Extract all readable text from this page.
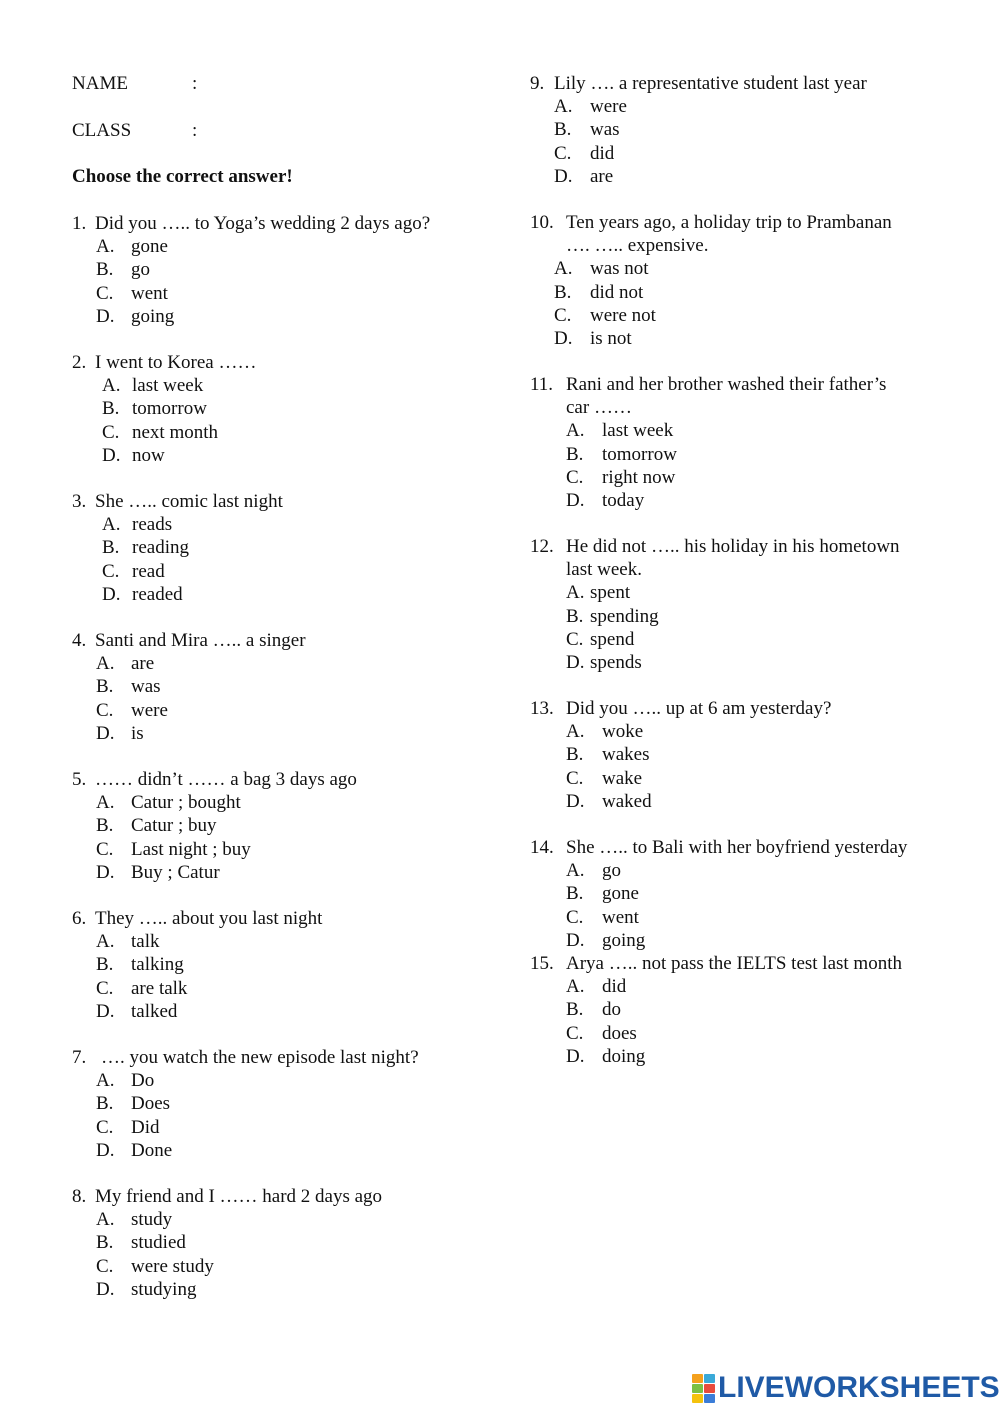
NAME	:
CLASS	:
Choose the correct answer!
1. Did you ….. to Yoga’s wedding 2 days ago?
A. gone
B. go
C. went
D. going
2. I went to Korea ……
A. last week
B. tomorrow
C. next month
D. now
3. She ….. comic last night
A. reads
B. reading
C. read
D. readed
4. Santi and Mira ….. a singer
A. are
B. was
C. were
D. is
5. …… didn’t …… a bag 3 days ago
A. Catur ; bought
B. Catur ; buy
C. Last night ; buy
D. Buy ; Catur
6. They ….. about you last night
A. talk
B. talking
C. are talk
D. talked
7. …. you watch the new episode last night?
A. Do
B. Does
C. Did
D. Done
8. My friend and I …… hard 2 days ago
A. study
B. studied
C. were study
D. studying
9. Lily …. a representative student last year
A. were
B. was
C. did
D. are
10. Ten years ago, a holiday trip to Prambanan
…. ….. expensive.
A. was not
B. did not
C. were not
D. is not
11. Rani and her brother washed their father’s
car ……
A. last week
B. tomorrow
C. right now
D. today
12. He did not ….. his holiday in his hometown
last week.
A. spent
B. spending
C. spend
D. spends
13. Did you ….. up at 6 am yesterday?
A. woke
B. wakes
C. wake
D. waked
14. She ….. to Bali with her boyfriend yesterday
A. go
B. gone
C. went
D. going
15. Arya ….. not pass the IELTS test last month
A. did
B. do
C. does
D. doing
LIVEWORKSHEETS
